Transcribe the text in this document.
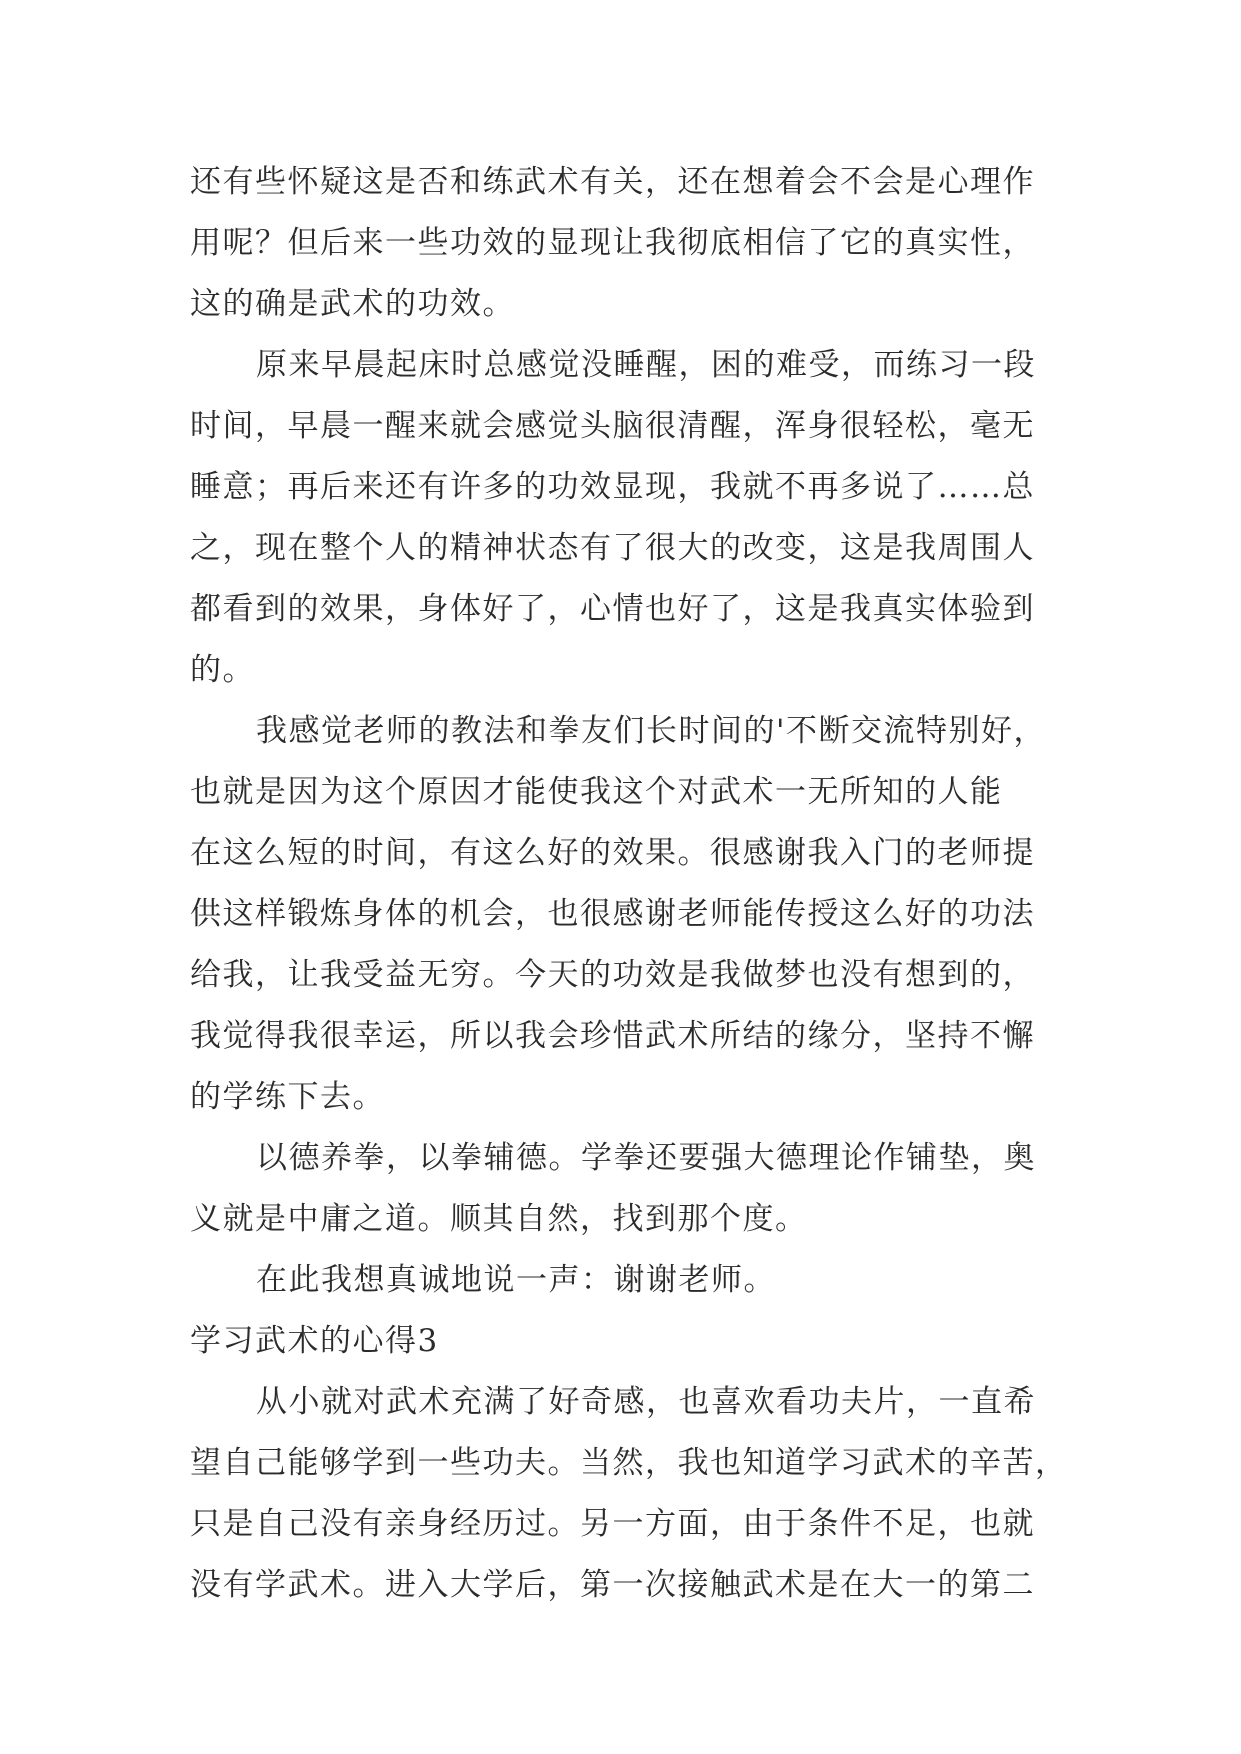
还有些怀疑这是否和练武术有关，还在想着会不会是心理作
用呢？但后来一些功效的显现让我彻底相信了它的真实性，
这的确是武术的功效。
原来早晨起床时总感觉没睡醒，困的难受，而练习一段
时间，早晨一醒来就会感觉头脑很清醒，浑身很轻松，毫无
睡意；再后来还有许多的功效显现，我就不再多说了……总
之，现在整个人的精神状态有了很大的改变，这是我周围人
都看到的效果，身体好了，心情也好了，这是我真实体验到
的。
我感觉老师的教法和拳友们长时间的'不断交流特别好，
也就是因为这个原因才能使我这个对武术一无所知的人能
在这么短的时间，有这么好的效果。很感谢我入门的老师提
供这样锻炼身体的机会，也很感谢老师能传授这么好的功法
给我，让我受益无穷。今天的功效是我做梦也没有想到的，
我觉得我很幸运，所以我会珍惜武术所结的缘分，坚持不懈
的学练下去。
以德养拳，以拳辅德。学拳还要强大德理论作铺垫，奥
义就是中庸之道。顺其自然，找到那个度。
在此我想真诚地说一声：谢谢老师。
学习武术的心得3
从小就对武术充满了好奇感，也喜欢看功夫片，一直希
望自己能够学到一些功夫。当然，我也知道学习武术的辛苦，
只是自己没有亲身经历过。另一方面，由于条件不足，也就
没有学武术。进入大学后，第一次接触武术是在大一的第二
